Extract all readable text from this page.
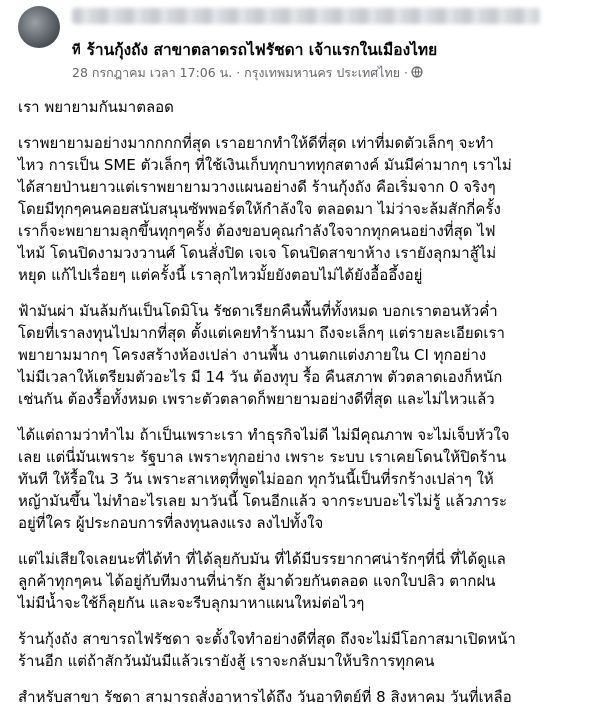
ที ร้านกุ้งถัง สาขาตลาดรถไฟรัชดา เจ้าแรกในเมืองไทย
28 กรกฎาคม เวลา 17:06 น. · กรุงเทพมหานคร ประเทศไทย ·

เรา พยายามกันมาตลอด

เราพยายามอย่างมากกกกที่สุด เราอยากทำให้ดีที่สุด เท่าที่มดตัวเล็กๆ จะทำ
ไหว การเป็น SME ตัวเล็กๆ ที่ใช้เงินเก็บทุกบาททุกสตางค์ มันมีค่ามากๆ เราไม่
ได้สายป่านยาวแต่เราพยายามวางแผนอย่างดี ร้านกุ้งถัง คือเริ่มจาก 0 จริงๆ
โดยมีทุกๆคนคอยสนับสนุนซัพพอร์ตให้กำลังใจ ตลอดมา ไม่ว่าจะล้มสักกี่ครั้ง
เราก็จะพยายามลุกขึ้นทุกๆครั้ง ต้องขอบคุณกำลังใจจากทุกคนอย่างที่สุด ไฟ
ไหม้ โดนปิดงามวงวานศ์ โดนสั่งปิด เจเจ โดนปิดสาขาห้าง เรายังลุกมาสู้ไม่
หยุด แก้ไปเรื่อยๆ แต่ครั้งนี้ เราลุกไหวมั้ยยังตอบไม่ได้ยังอื้ออึ้งอยู่

ฟ้ามันผ่า มันล้มกันเป็นโดมิโน รัชดาเรียกคืนพื้นที่ทั้งหมด บอกเราตอนหัวค่ำ
โดยที่เราลงทุนไปมากที่สุด ตั้งแต่เคยทำร้านมา ถึงจะเล็กๆ แต่รายละเอียดเรา
พยายามมากๆ โครงสร้างห้องเปล่า งานพื้น งานตกแต่งภายใน CI ทุกอย่าง
ไม่มีเวลาให้เตรียมตัวอะไร มี 14 วัน ต้องทุบ รื้อ คืนสภาพ ตัวตลาดเองก็หนัก
เช่นกัน ต้องรื้อทั้งหมด เพราะตัวตลาดก็พยายามอย่างดีที่สุด และไม่ไหวแล้ว

ได้แต่ถามว่าทำไม ถ้าเป็นเพราะเรา ทำธุรกิจไม่ดี ไม่มีคุณภาพ จะไม่เจ็บหัวใจ
เลย แต่นี่มันเพราะ รัฐบาล เพราะทุกอย่าง เพราะ ระบบ เราเคยโดนให้ปิดร้าน
ทันที ให้รื้อใน 3 วัน เพราะสาเหตุที่พูดไม่ออก ทุกวันนี้เป็นที่รกร้างเปล่าๆ ให้
หญ้ามันขึ้น ไม่ทำอะไรเลย มาวันนี้ โดนอีกแล้ว จากระบบอะไรไม่รู้ แล้วภาระ
อยู่ที่ใคร ผู้ประกอบการที่ลงทุนลงแรง ลงไปทั้งใจ

แต่ไม่เสียใจเลยนะที่ได้ทำ ที่ได้ลุยกับมัน ที่ได้มีบรรยากาศน่ารักๆที่นี่ ที่ได้ดูแล
ลูกค้าทุกๆคน ได้อยู่กับทีมงานที่น่ารัก สู้มาด้วยกันตลอด แจกใบปลิว ตากฝน
ไม่มีน้ำจะใช้ก็ลุยกัน และจะรีบลุกมาหาแผนใหม่ต่อไวๆ

ร้านกุ้งถัง สาขารถไฟรัชดา จะตั้งใจทำอย่างดีที่สุด ถึงจะไม่มีโอกาสมาเปิดหน้า
ร้านอีก แต่ถ้าสักวันมันมีแล้วเรายังสู้ เราจะกลับมาให้บริการทุกคน

สำหรับสาขา รัชดา สามารถสั่งอาหารได้ถึง วันอาทิตย์ที่ 8 สิงหาคม วันที่เหลือ
